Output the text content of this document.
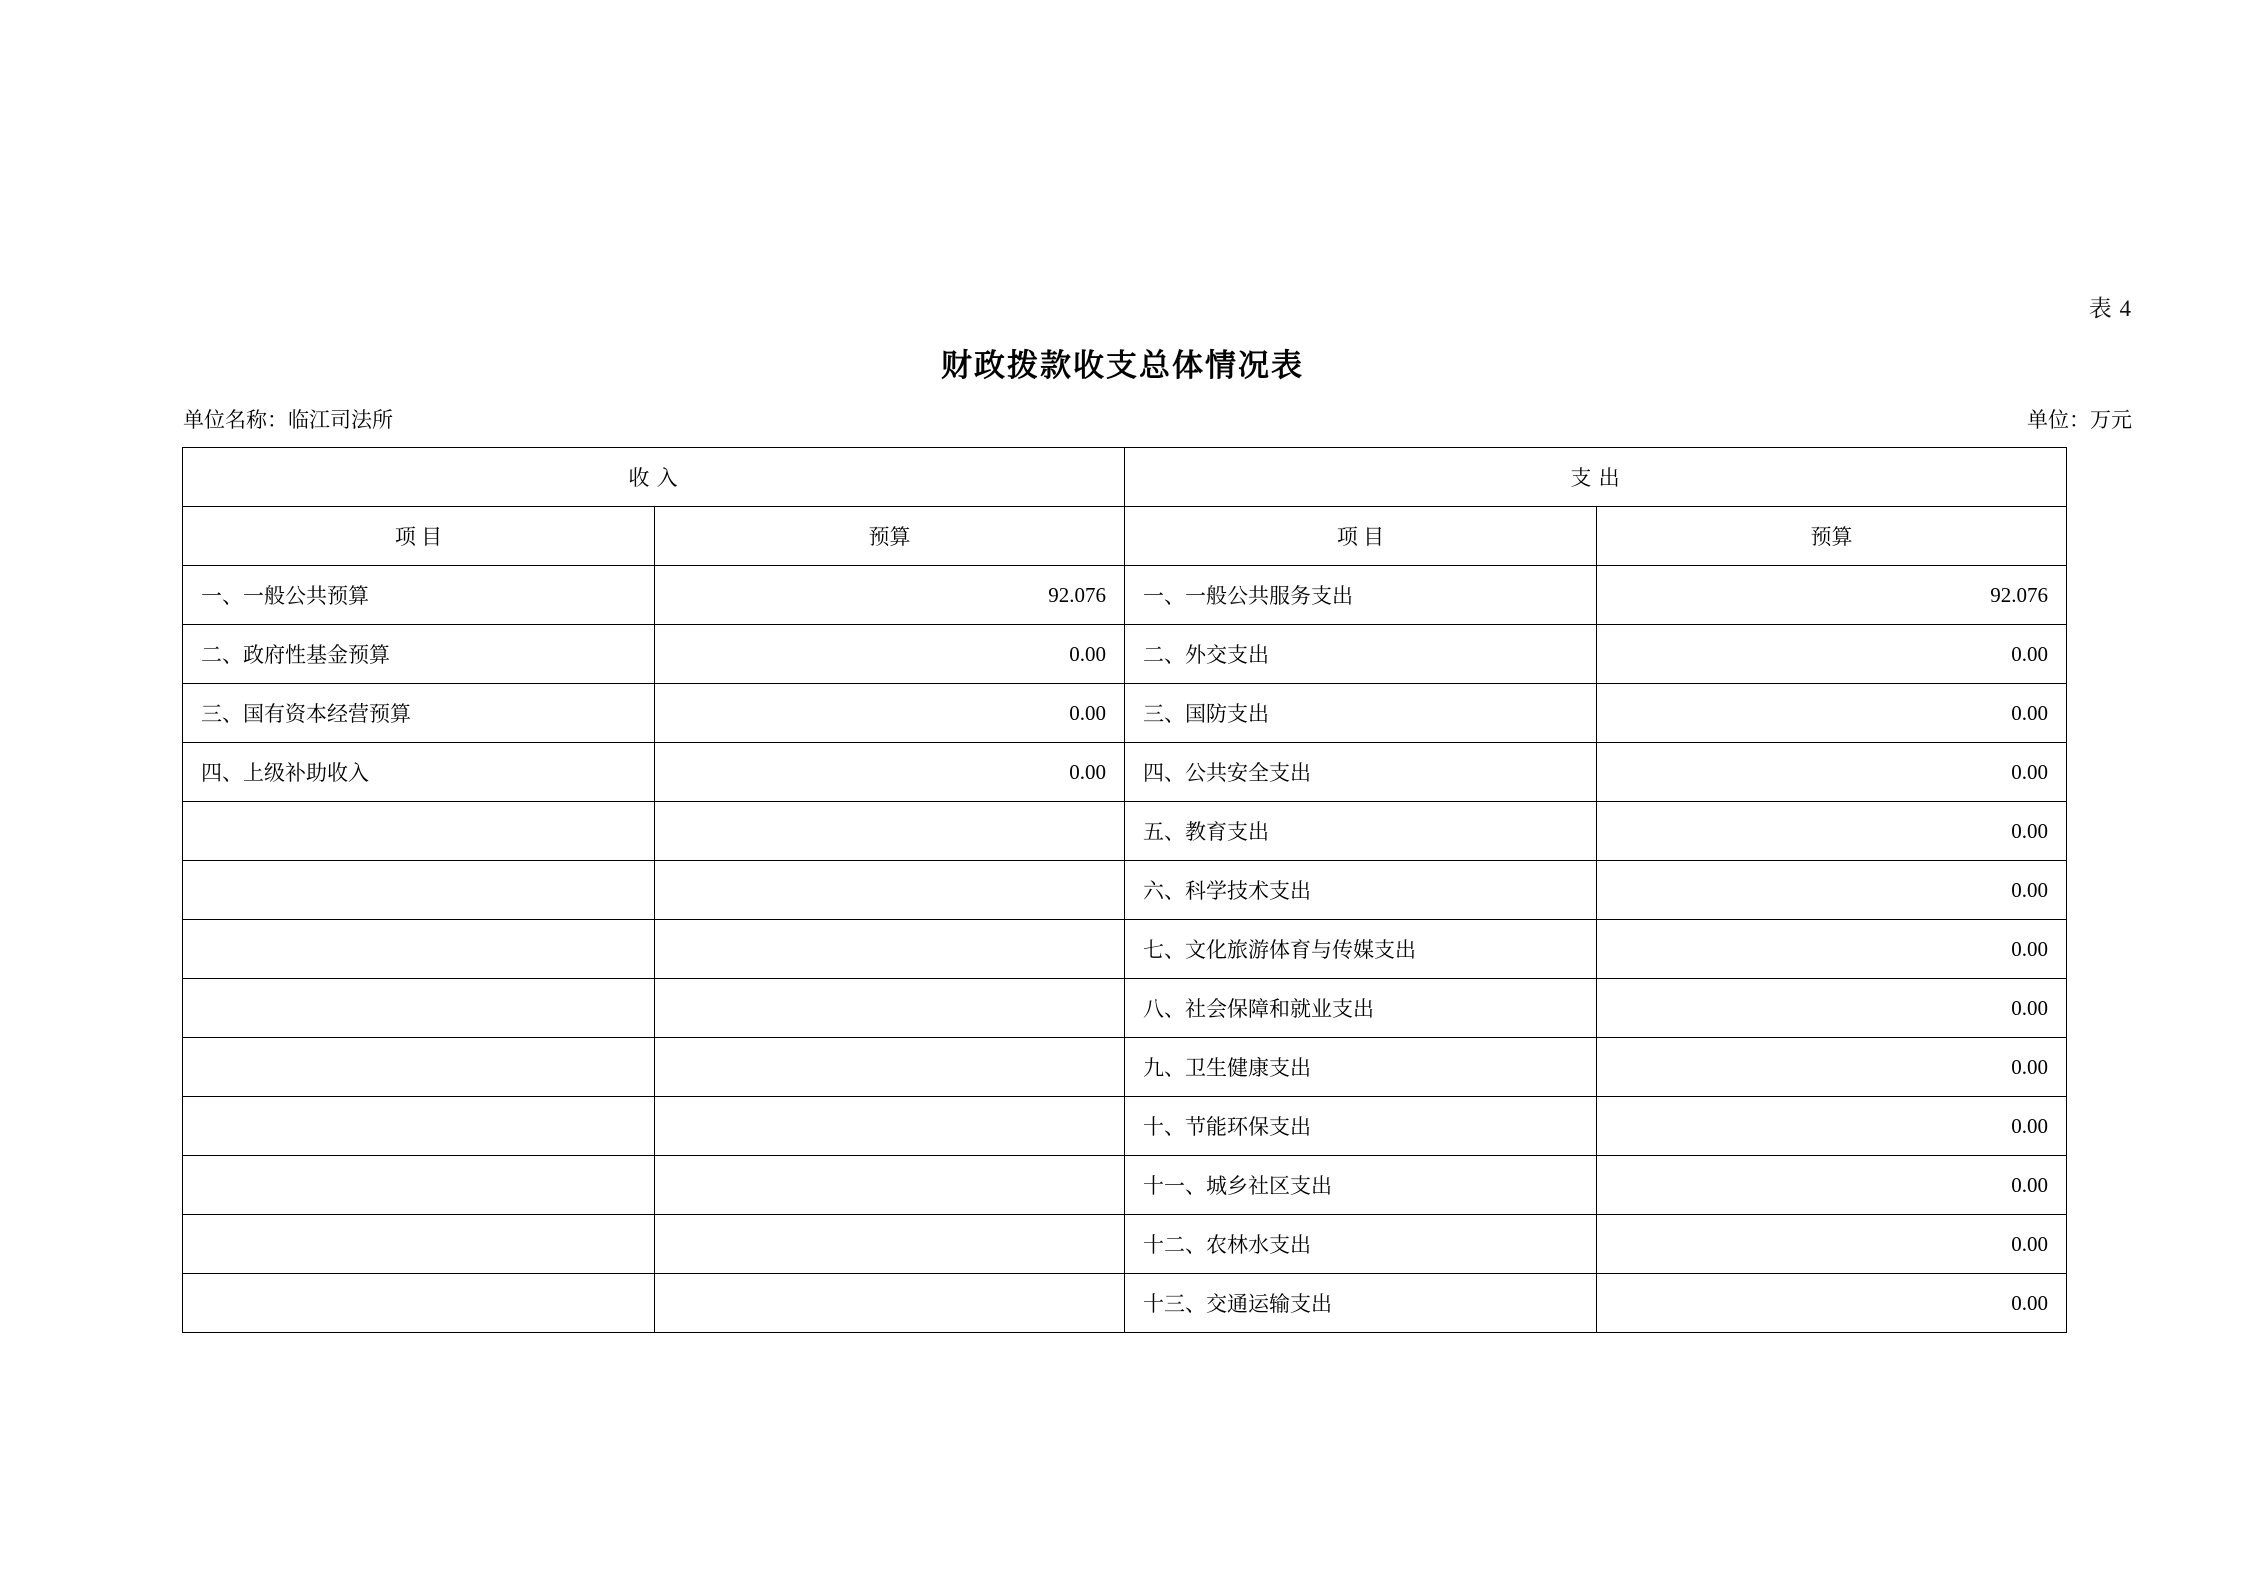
表 4
财政拨款收支总体情况表
单位名称：临江司法所	单位：万元
收 入		支 出	
项 目	预算	项 目	预算
一、一般公共预算	92.076	一、一般公共服务支出	92.076
二、政府性基金预算	0.00	二、外交支出	0.00
三、国有资本经营预算	0.00	三、国防支出	0.00
四、上级补助收入	0.00	四、公共安全支出	0.00
		五、教育支出	0.00
		六、科学技术支出	0.00
		七、文化旅游体育与传媒支出	0.00
		八、社会保障和就业支出	0.00
		九、卫生健康支出	0.00
		十、节能环保支出	0.00
		十一、城乡社区支出	0.00
		十二、农林水支出	0.00
		十三、交通运输支出	0.00
